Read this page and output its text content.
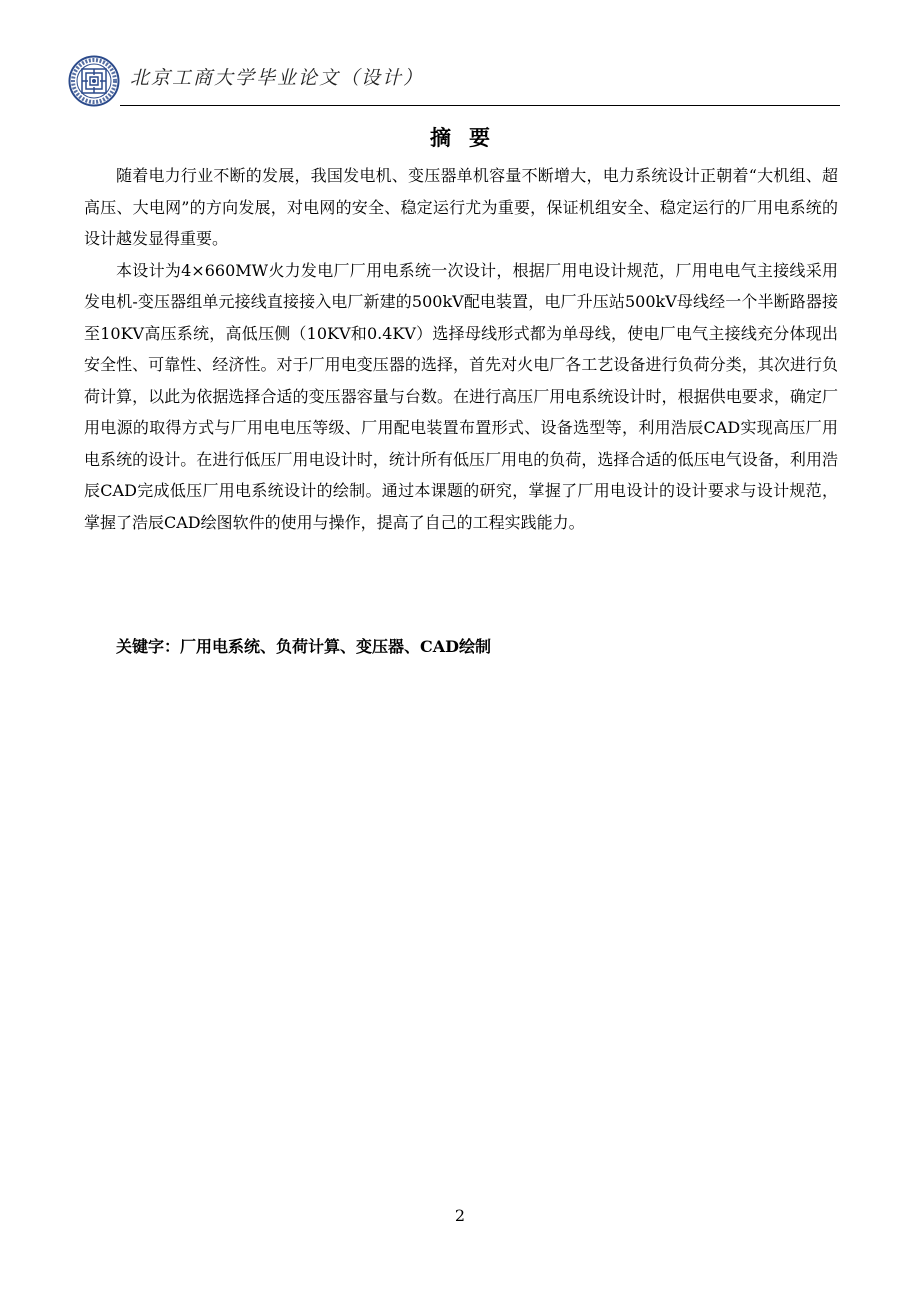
北京工商大学毕业论文（设计）
摘要

随着电力行业不断的发展，我国发电机、变压器单机容量不断增大，电力系统设计正朝着“大机组、超高压、大电网”的方向发展，对电网的安全、稳定运行尤为重要，保证机组安全、稳定运行的厂用电系统的设计越发显得重要。

本设计为4×660MW火力发电厂厂用电系统一次设计，根据厂用电设计规范，厂用电电气主接线采用发电机-变压器组单元接线直接接入电厂新建的500kV配电装置，电厂升压站500kV母线经一个半断路器接至10KV高压系统，高低压侧（10KV和0.4KV）选择母线形式都为单母线，使电厂电气主接线充分体现出安全性、可靠性、经济性。对于厂用电变压器的选择，首先对火电厂各工艺设备进行负荷分类，其次进行负荷计算，以此为依据选择合适的变压器容量与台数。在进行高压厂用电系统设计时，根据供电要求，确定厂用电源的取得方式与厂用电电压等级、厂用配电装置布置形式、设备选型等，利用浩辰CAD实现高压厂用电系统的设计。在进行低压厂用电设计时，统计所有低压厂用电的负荷，选择合适的低压电气设备，利用浩辰CAD完成低压厂用电系统设计的绘制。通过本课题的研究，掌握了厂用电设计的设计要求与设计规范，掌握了浩辰CAD绘图软件的使用与操作，提高了自己的工程实践能力。

关键字：厂用电系统、负荷计算、变压器、CAD绘制
2
